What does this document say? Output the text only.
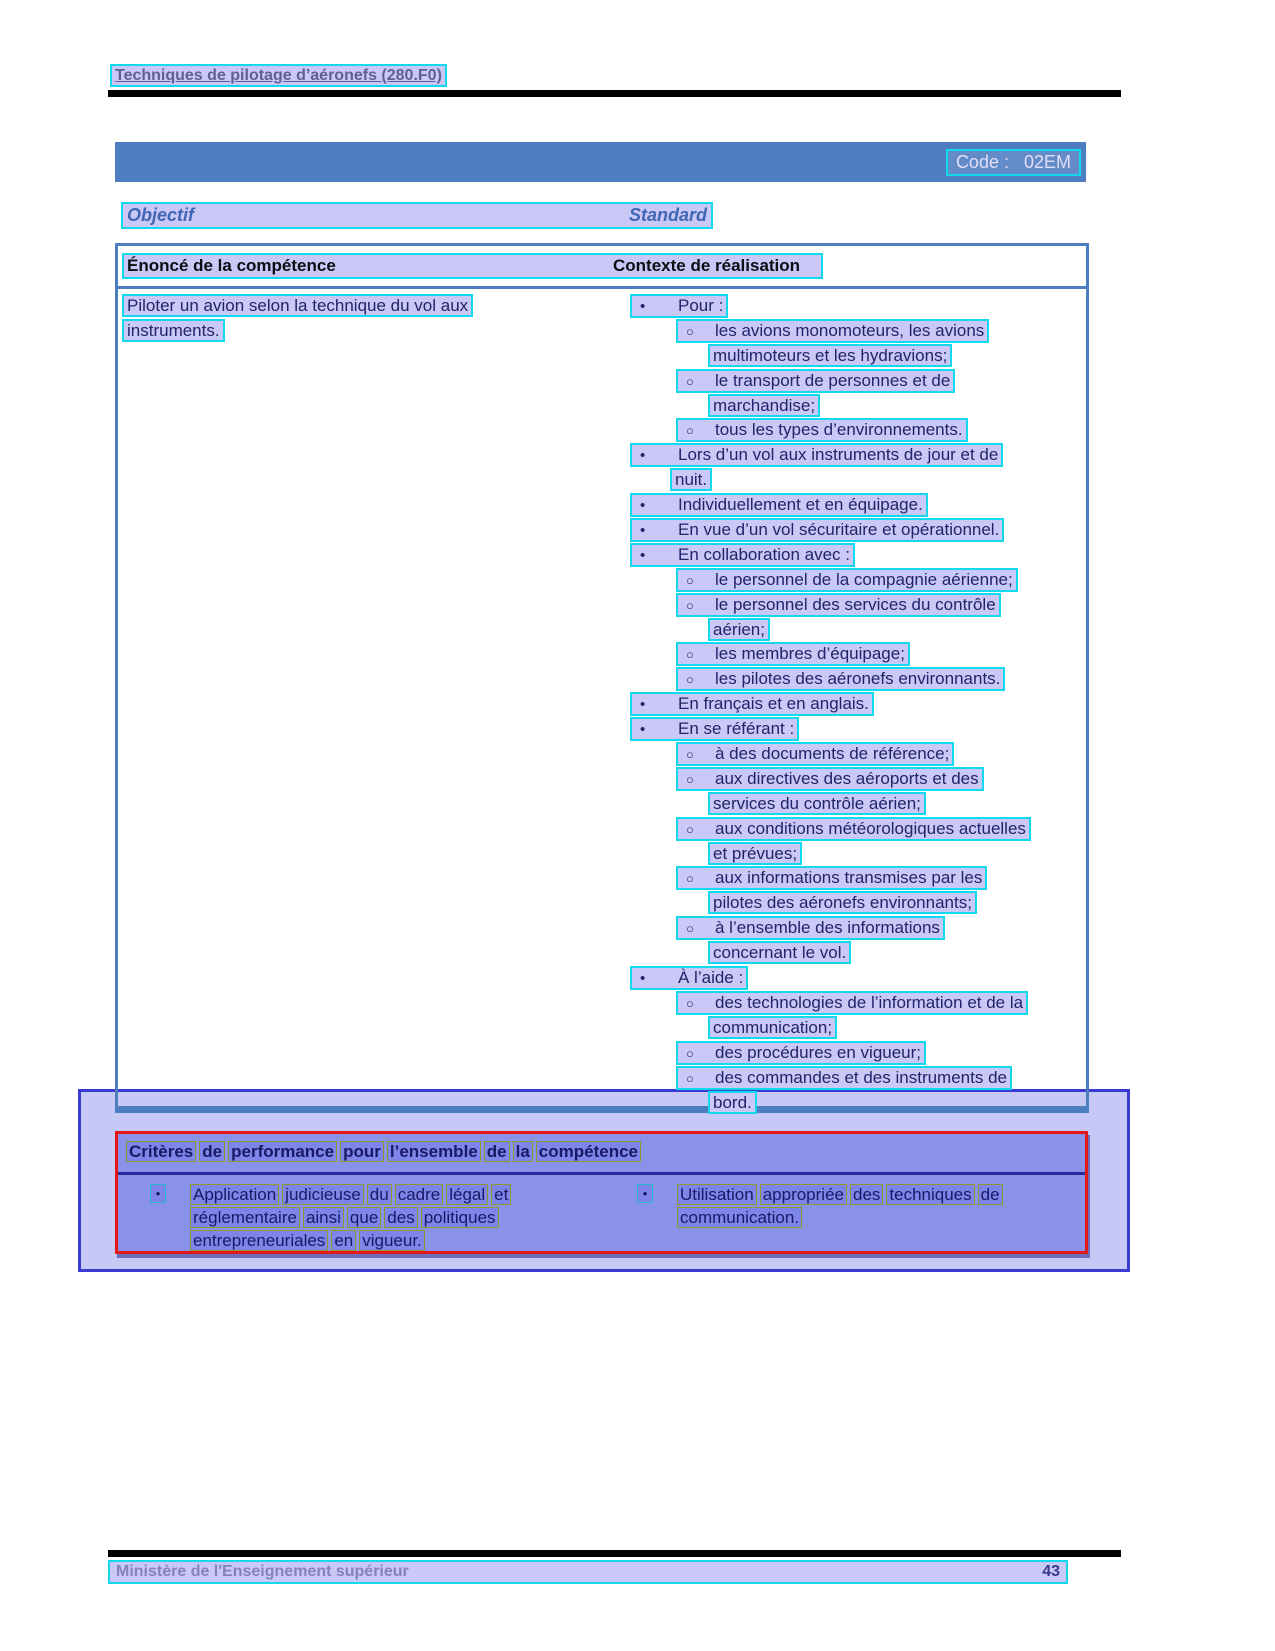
Techniques de pilotage d’aéronefs (280.F0)
Code :   02EM
Objectif	Standard
Énoncé de la compétence	Contexte de réalisation
Piloter un avion selon la technique du vol aux
instruments.
• Pour :
○ les avions monomoteurs, les avions
multimoteurs et les hydravions;
○ le transport de personnes et de
marchandise;
○ tous les types d’environnements.
• Lors d’un vol aux instruments de jour et de
nuit.
• Individuellement et en équipage.
• En vue d’un vol sécuritaire et opérationnel.
• En collaboration avec :
○ le personnel de la compagnie aérienne;
○ le personnel des services du contrôle
aérien;
○ les membres d’équipage;
○ les pilotes des aéronefs environnants.
• En français et en anglais.
• En se référant :
○ à des documents de référence;
○ aux directives des aéroports et des
services du contrôle aérien;
○ aux conditions météorologiques actuelles
et prévues;
○ aux informations transmises par les
pilotes des aéronefs environnants;
○ à l’ensemble des informations
concernant le vol.
• À l’aide :
○ des technologies de l’information et de la
communication;
○ des procédures en vigueur;
○ des commandes et des instruments de
bord.
Critères de performance pour l’ensemble de la compétence
• Application judicieuse du cadre légal et
réglementaire ainsi que des politiques
entrepreneuriales en vigueur.
• Utilisation appropriée des techniques de
communication.
Ministère de l'Enseignement supérieur	43
